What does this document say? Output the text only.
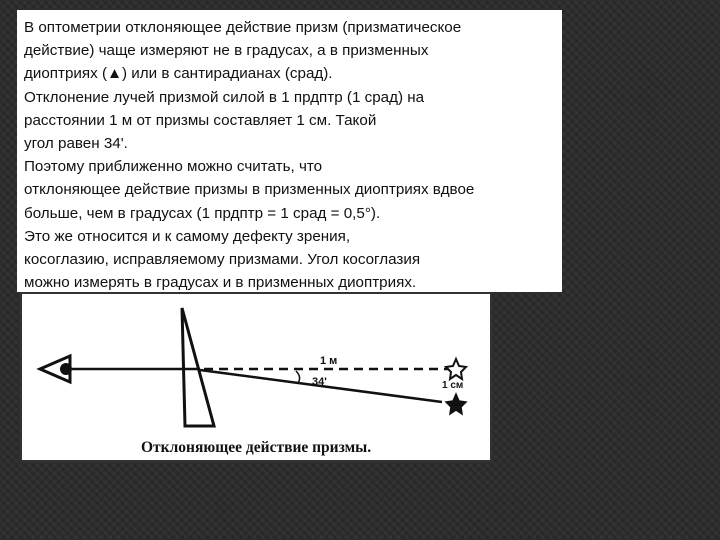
В оптометрии отклоняющее действие призм (призматическое
действие) чаще измеряют не в градусах, а в призменных
диоптриях (▲) или в сантирадианах (срад).
Отклонение лучей призмой силой в 1 прдптр (1 срад) на
расстоянии 1 м от призмы составляет 1 см. Такой
угол равен 34'.
Поэтому приближенно можно считать, что
отклоняющее действие призмы в призменных диоптриях вдвое
больше, чем в градусах (1 прдптр = 1 срад = 0,5°).
Это же относится и к самому дефекту зрения,
косоглазию, исправляемому призмами. Угол косоглазия
можно измерять в градусах и в призменных диоптриях.
1 м
34'	1 см
Отклоняющее действие призмы.
